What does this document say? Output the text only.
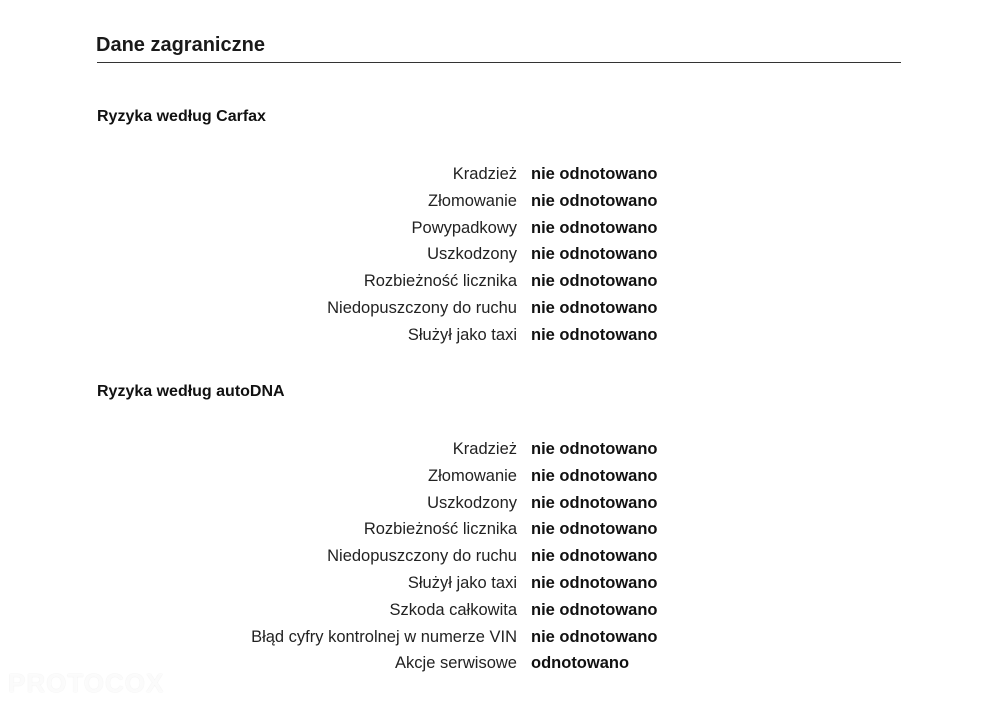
Dane zagraniczne
Ryzyka według Carfax
Kradzież nie odnotowano
Złomowanie nie odnotowano
Powypadkowy nie odnotowano
Uszkodzony nie odnotowano
Rozbieżność licznika nie odnotowano
Niedopuszczony do ruchu nie odnotowano
Służył jako taxi nie odnotowano
Ryzyka według autoDNA
Kradzież nie odnotowano
Złomowanie nie odnotowano
Uszkodzony nie odnotowano
Rozbieżność licznika nie odnotowano
Niedopuszczony do ruchu nie odnotowano
Służył jako taxi nie odnotowano
Szkoda całkowita nie odnotowano
Błąd cyfry kontrolnej w numerze VIN nie odnotowano
Akcje serwisowe odnotowano
PROTOCOX
